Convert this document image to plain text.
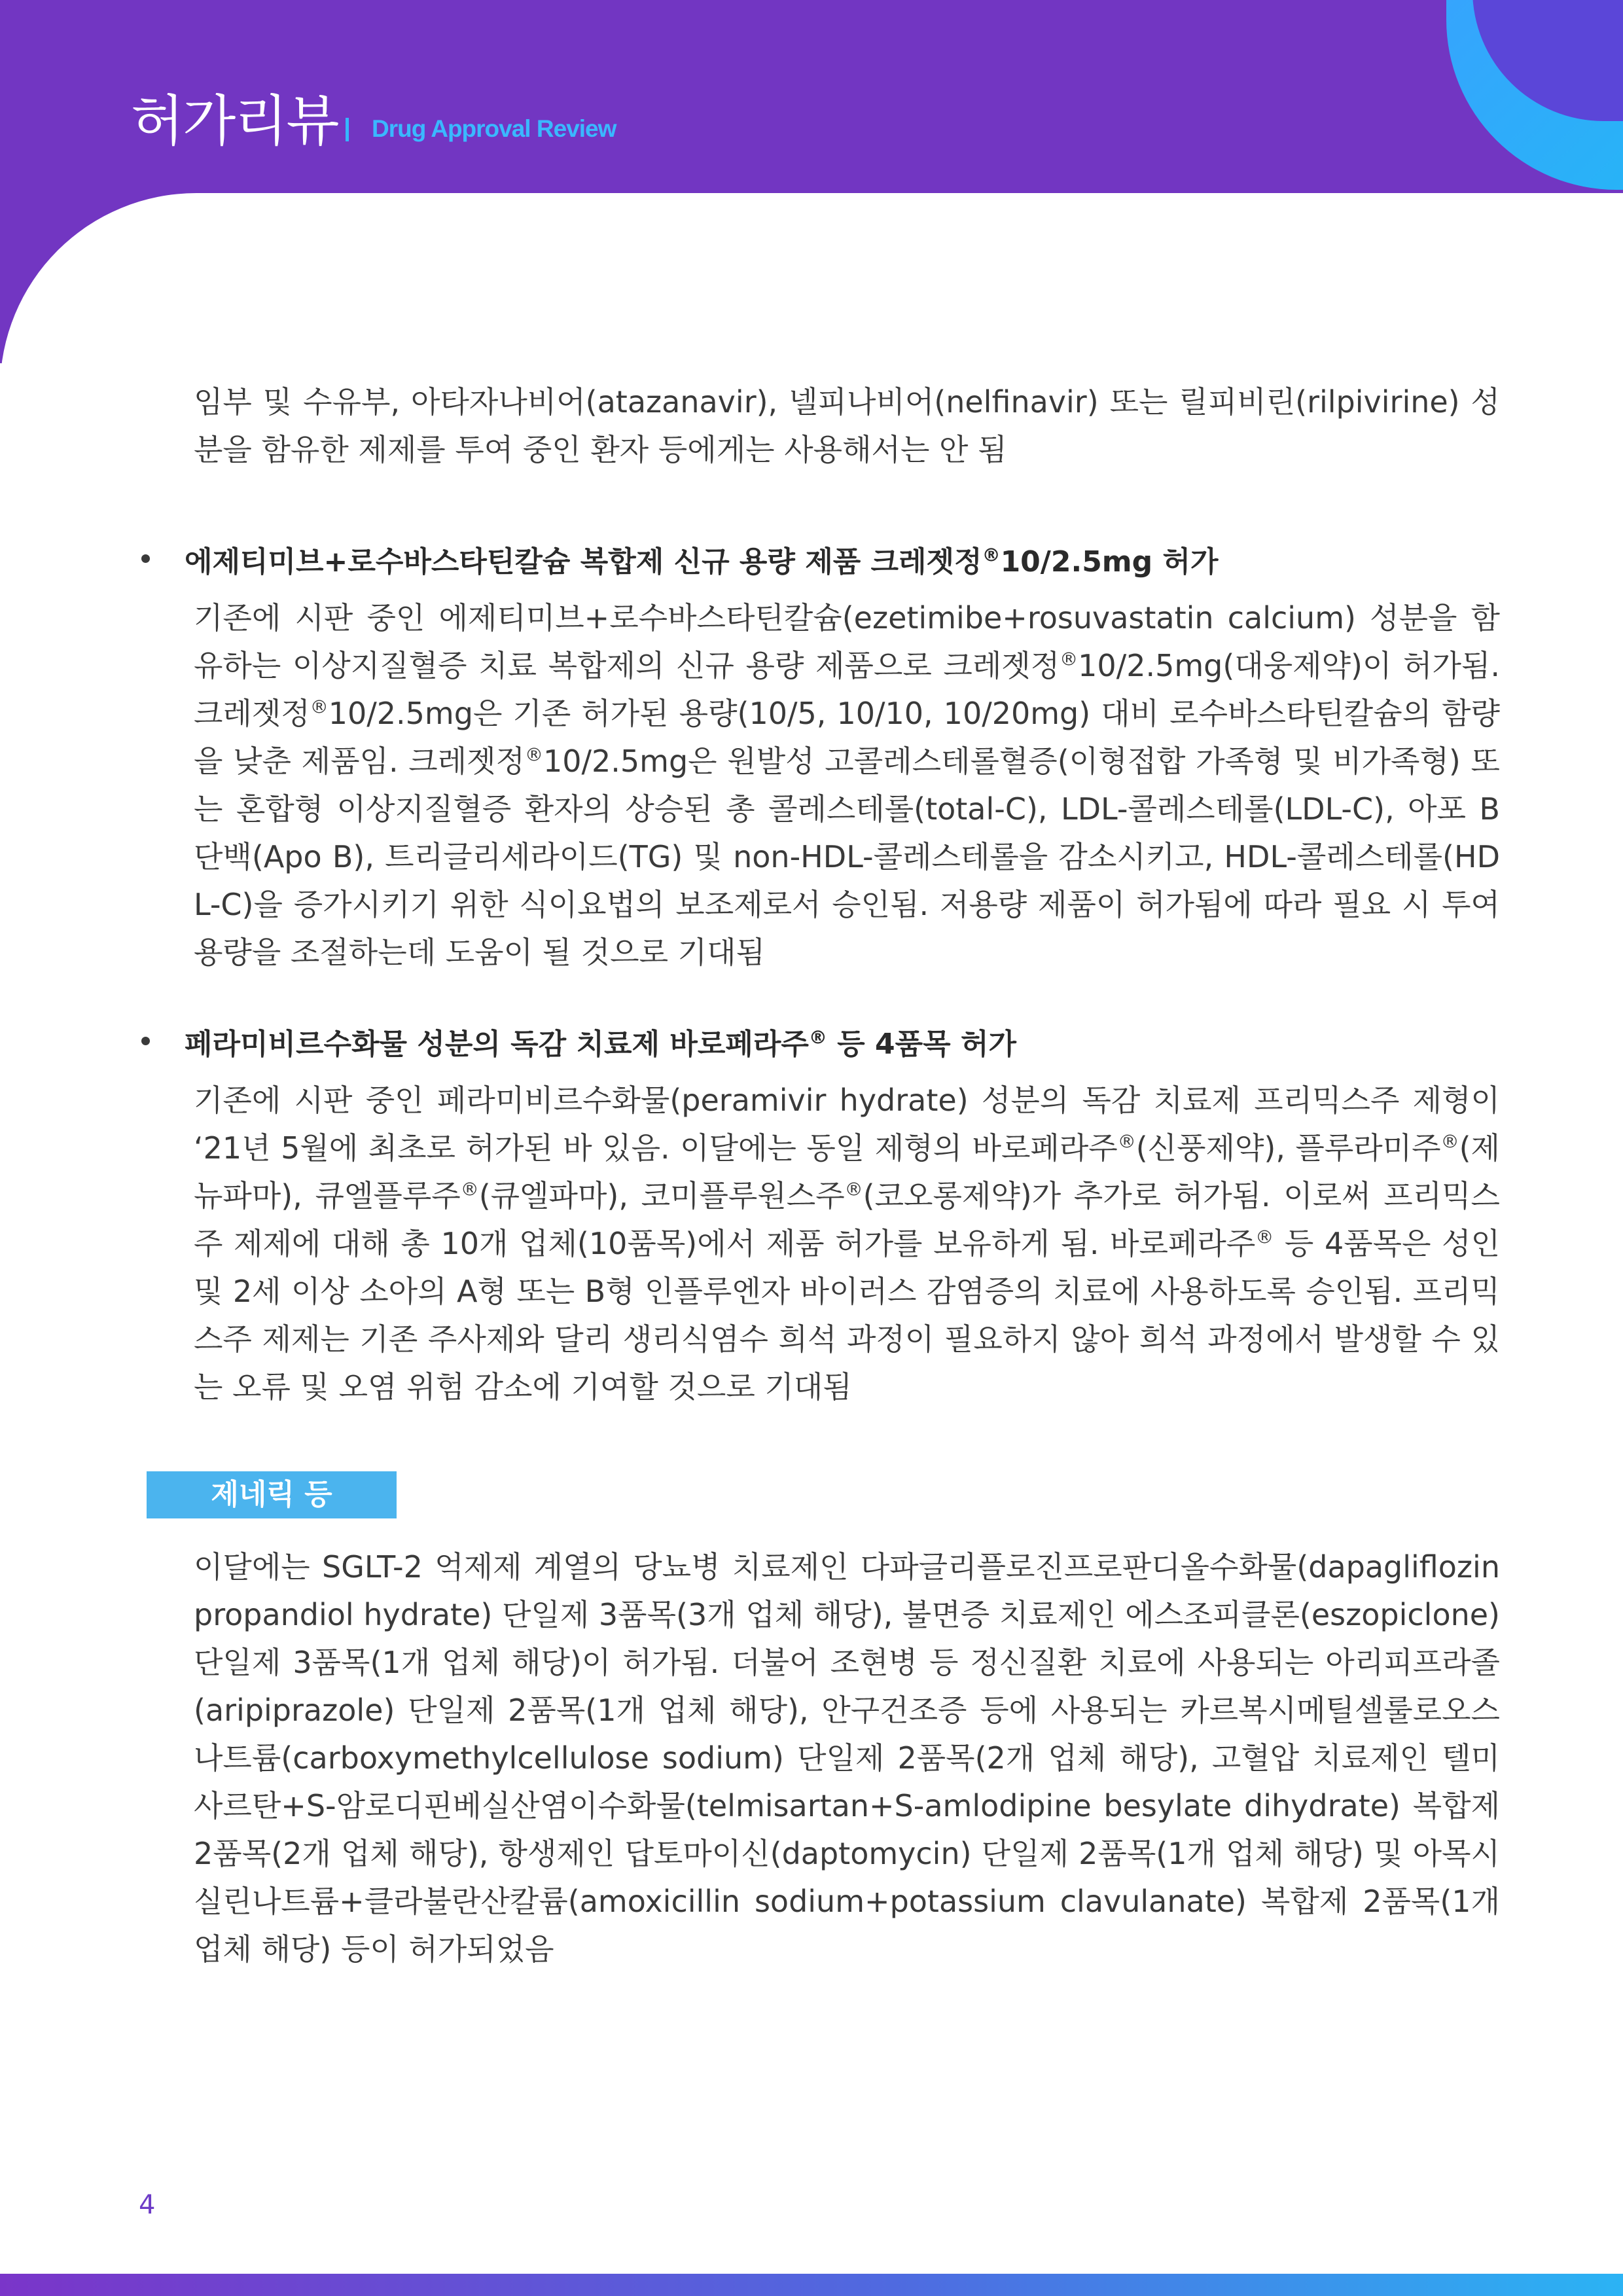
허가리뷰 Drug Approval Review

임부 및 수유부, 아타자나비어(atazanavir), 넬피나비어(nelfinavir) 또는 릴피비린(rilpivirine) 성분을 함유한 제제를 투여 중인 환자 등에게는 사용해서는 안 됨

에제티미브+로수바스타틴칼슘 복합제 신규 용량 제품 크레젯정®10/2.5mg 허가

기존에 시판 중인 에제티미브+로수바스타틴칼슘(ezetimibe+rosuvastatin calcium) 성분을 함유하는 이상지질혈증 치료 복합제의 신규 용량 제품으로 크레젯정®10/2.5mg(대웅제약)이 허가됨. 크레젯정®10/2.5mg은 기존 허가된 용량(10/5, 10/10, 10/20mg) 대비 로수바스타틴칼슘의 함량을 낮춘 제품임. 크레젯정®10/2.5mg은 원발성 고콜레스테롤혈증(이형접합 가족형 및 비가족형) 또는 혼합형 이상지질혈증 환자의 상승된 총 콜레스테롤(total-C), LDL-콜레스테롤(LDL-C), 아포 B 단백(Apo B), 트리글리세라이드(TG) 및 non-HDL-콜레스테롤을 감소시키고, HDL-콜레스테롤(HDL-C)을 증가시키기 위한 식이요법의 보조제로서 승인됨. 저용량 제품이 허가됨에 따라 필요 시 투여 용량을 조절하는데 도움이 될 것으로 기대됨

페라미비르수화물 성분의 독감 치료제 바로페라주® 등 4품목 허가

기존에 시판 중인 페라미비르수화물(peramivir hydrate) 성분의 독감 치료제 프리믹스주 제형이 ‘21년 5월에 최초로 허가된 바 있음. 이달에는 동일 제형의 바로페라주®(신풍제약), 플루라미주®(제뉴파마), 큐엘플루주®(큐엘파마), 코미플루원스주®(코오롱제약)가 추가로 허가됨. 이로써 프리믹스주 제제에 대해 총 10개 업체(10품목)에서 제품 허가를 보유하게 됨. 바로페라주® 등 4품목은 성인 및 2세 이상 소아의 A형 또는 B형 인플루엔자 바이러스 감염증의 치료에 사용하도록 승인됨. 프리믹스주 제제는 기존 주사제와 달리 생리식염수 희석 과정이 필요하지 않아 희석 과정에서 발생할 수 있는 오류 및 오염 위험 감소에 기여할 것으로 기대됨

제네릭 등

이달에는 SGLT-2 억제제 계열의 당뇨병 치료제인 다파글리플로진프로판디올수화물(dapagliflozin propandiol hydrate) 단일제 3품목(3개 업체 해당), 불면증 치료제인 에스조피클론(eszopiclone) 단일제 3품목(1개 업체 해당)이 허가됨. 더불어 조현병 등 정신질환 치료에 사용되는 아리피프라졸(aripiprazole) 단일제 2품목(1개 업체 해당), 안구건조증 등에 사용되는 카르복시메틸셀룰로오스나트륨(carboxymethylcellulose sodium) 단일제 2품목(2개 업체 해당), 고혈압 치료제인 텔미사르탄+S-암로디핀베실산염이수화물(telmisartan+S-amlodipine besylate dihydrate) 복합제 2품목(2개 업체 해당), 항생제인 답토마이신(daptomycin) 단일제 2품목(1개 업체 해당) 및 아목시실린나트륨+클라불란산칼륨(amoxicillin sodium+potassium clavulanate) 복합제 2품목(1개 업체 해당) 등이 허가되었음

4
